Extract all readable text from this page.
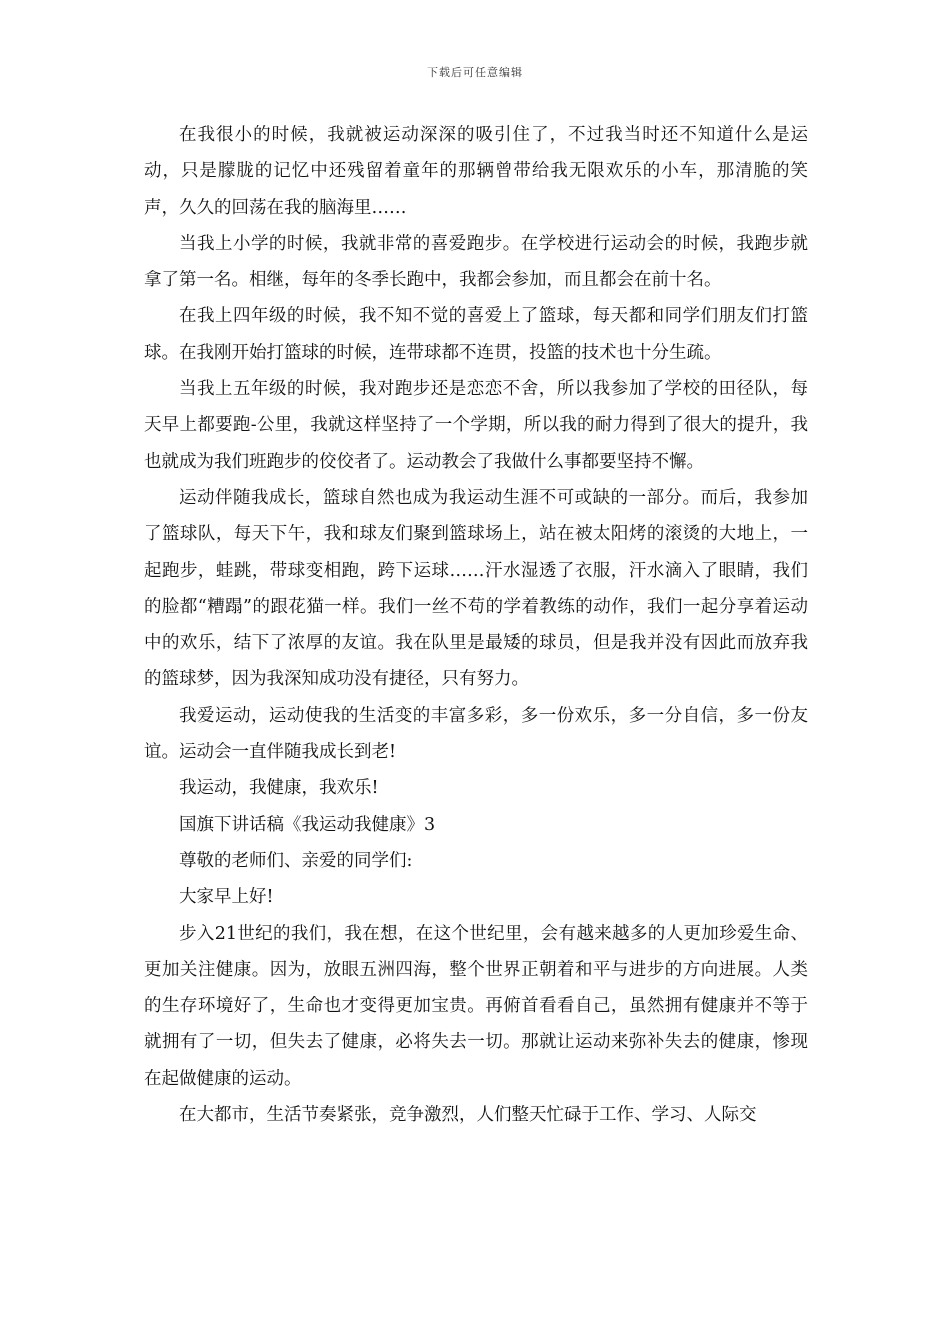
下载后可任意编辑

在我很小的时候，我就被运动深深的吸引住了，不过我当时还不知道什么是运动，只是朦胧的记忆中还残留着童年的那辆曾带给我无限欢乐的小车，那清脆的笑声，久久的回荡在我的脑海里……

当我上小学的时候，我就非常的喜爱跑步。在学校进行运动会的时候，我跑步就拿了第一名。相继，每年的冬季长跑中，我都会参加，而且都会在前十名。

在我上四年级的时候，我不知不觉的喜爱上了篮球，每天都和同学们朋友们打篮球。在我刚开始打篮球的时候，连带球都不连贯，投篮的技术也十分生疏。

当我上五年级的时候，我对跑步还是恋恋不舍，所以我参加了学校的田径队，每天早上都要跑-公里，我就这样坚持了一个学期，所以我的耐力得到了很大的提升，我也就成为我们班跑步的佼佼者了。运动教会了我做什么事都要坚持不懈。

运动伴随我成长，篮球自然也成为我运动生涯不可或缺的一部分。而后，我参加了篮球队，每天下午，我和球友们聚到篮球场上，站在被太阳烤的滚烫的大地上，一起跑步，蛙跳，带球变相跑，跨下运球……汗水湿透了衣服，汗水滴入了眼睛，我们的脸都“糟蹋”的跟花猫一样。我们一丝不苟的学着教练的动作，我们一起分享着运动中的欢乐，结下了浓厚的友谊。我在队里是最矮的球员，但是我并没有因此而放弃我的篮球梦，因为我深知成功没有捷径，只有努力。

我爱运动，运动使我的生活变的丰富多彩，多一份欢乐，多一分自信，多一份友谊。运动会一直伴随我成长到老!

我运动，我健康，我欢乐!

国旗下讲话稿《我运动我健康》3

尊敬的老师们、亲爱的同学们:

大家早上好!

步入21世纪的我们，我在想，在这个世纪里，会有越来越多的人更加珍爱生命、更加关注健康。因为，放眼五洲四海，整个世界正朝着和平与进步的方向进展。人类的生存环境好了，生命也才变得更加宝贵。再俯首看看自己，虽然拥有健康并不等于就拥有了一切，但失去了健康，必将失去一切。那就让运动来弥补失去的健康，惨现在起做健康的运动。

在大都市，生活节奏紧张，竞争激烈，人们整天忙碌于工作、学习、人际交
